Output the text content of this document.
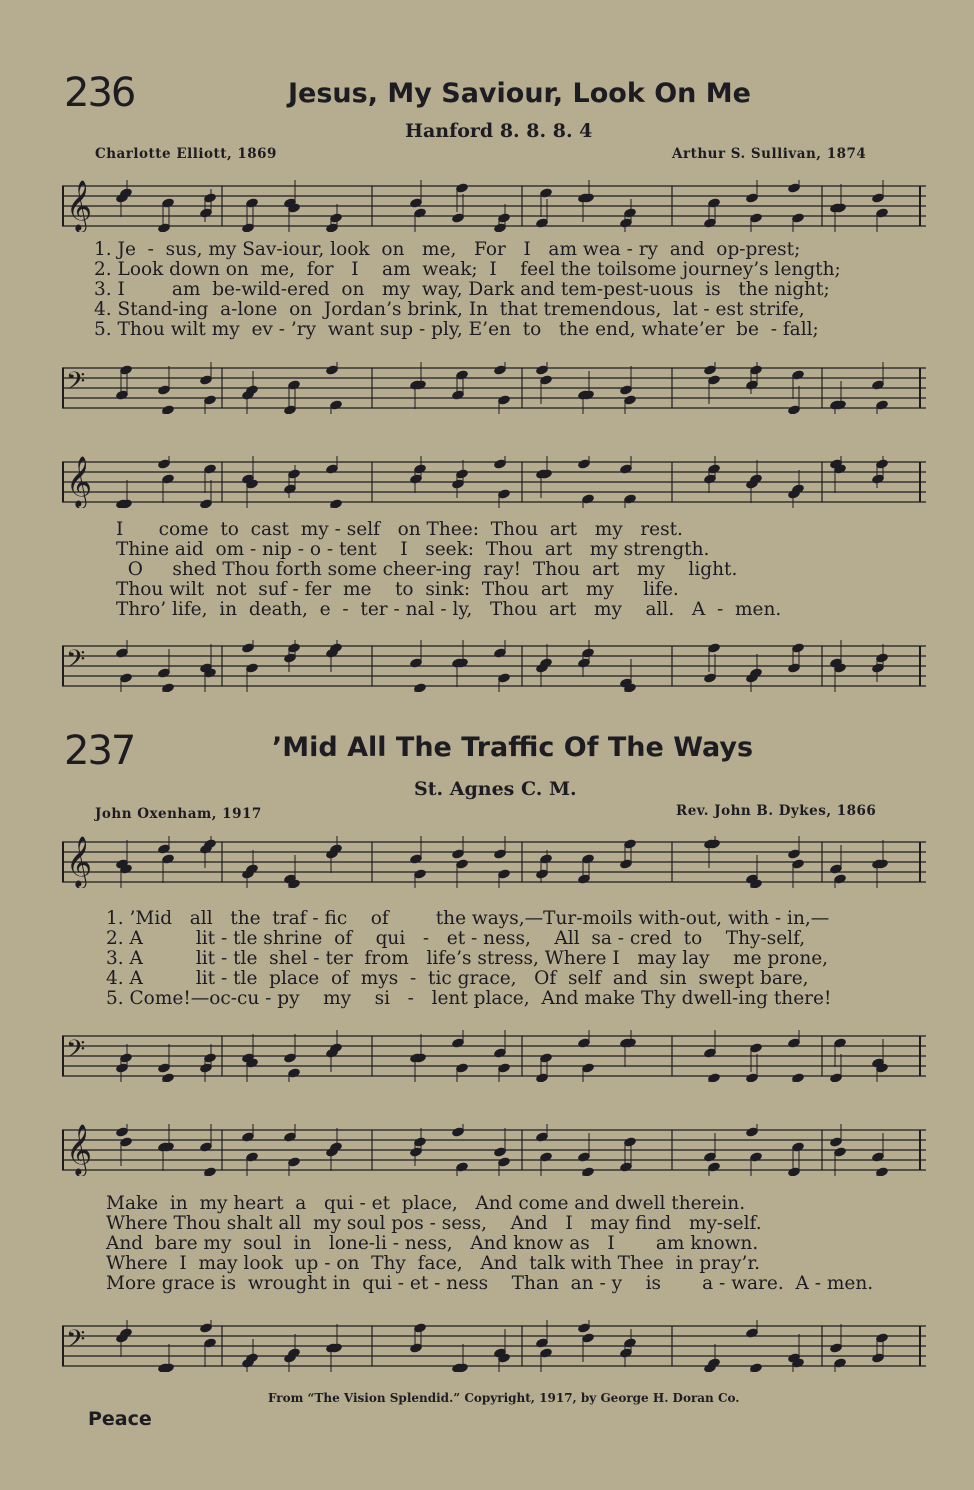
236	Jesus, My Saviour, Look On Me
Hanford 8. 8. 8. 4
Charlotte Elliott, 1869	Arthur S. Sullivan, 1874
𝄞
1. Je  -  sus, my Sav-iour, look  on   me,   For   I   am wea - ry  and  op-prest;
2. Look down on  me,  for   I    am  weak;  I    feel the toilsome journey’s length;
3. I        am  be-wild-ered  on   my  way, Dark and tem-pest-uous  is   the night;
4. Stand-ing  a-lone  on  Jordan’s brink, In  that tremendous,  lat - est strife,
5. Thou wilt my  ev - ’ry  want sup - ply, E’en  to   the end, whate’er  be  - fall;
𝄢
𝄞
I      come  to  cast  my - self   on Thee:  Thou  art   my   rest.
Thine aid  om - nip - o - tent    I   seek:  Thou  art   my strength.
O     shed Thou forth some cheer-ing  ray!  Thou  art   my    light.
Thou wilt  not  suf - fer  me    to  sink:  Thou  art   my     life.
Thro’ life,  in  death,  e  -  ter - nal - ly,   Thou  art   my    all.   A  -  men.
𝄢
237	’Mid All The Traffic Of The Ways
St. Agnes C. M.
John Oxenham, 1917	Rev. John B. Dykes, 1866
𝄞
1. ’Mid   all   the  traf - fic    of        the ways,—Tur-moils with-out, with - in,—
2. A         lit - tle shrine  of    qui   -   et - ness,    All  sa - cred  to    Thy-self,
3. A         lit - tle  shel - ter  from   life’s stress, Where I   may lay    me prone,
4. A         lit - tle  place  of  mys  -  tic grace,   Of  self  and  sin  swept bare,
5. Come!—oc-cu - py    my    si   -   lent place,  And make Thy dwell-ing there!
𝄢
𝄞
Make  in  my heart  a   qui - et  place,   And come and dwell therein.
Where Thou shalt all  my soul pos - sess,    And   I   may find   my-self.
And  bare my  soul  in   lone-li - ness,   And know as   I       am known.
Where  I  may look  up - on  Thy  face,   And  talk with Thee  in pray’r.
More grace is  wrought in  qui - et - ness    Than  an - y    is       a - ware.  A - men.
𝄢
From “The Vision Splendid.” Copyright, 1917, by George H. Doran Co.
Peace
